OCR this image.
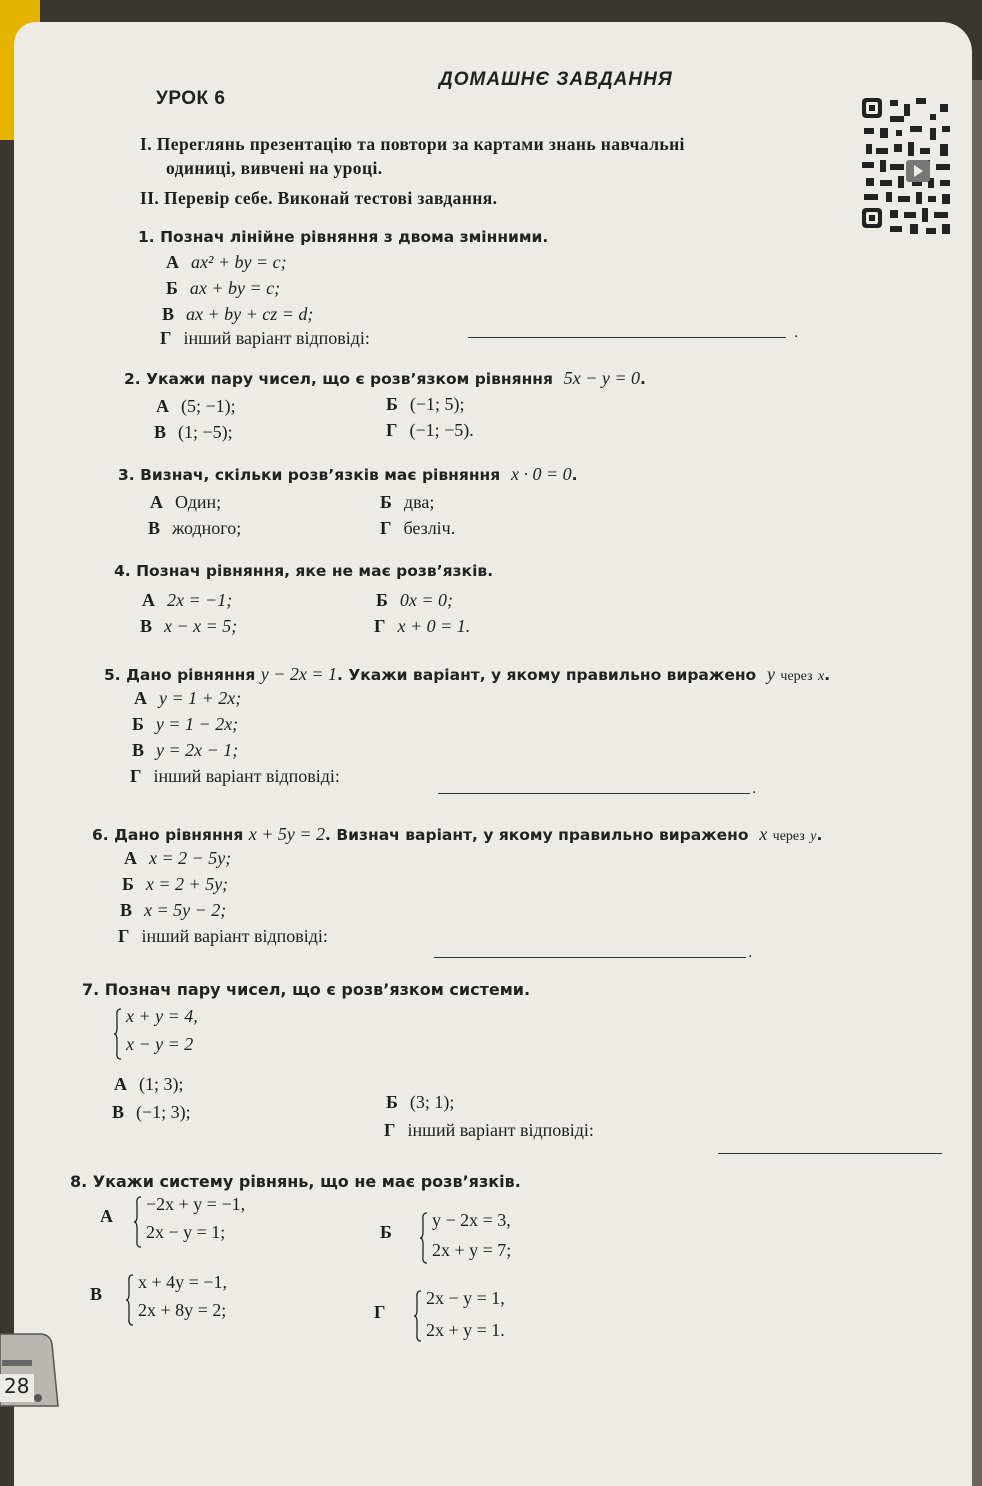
УРОК 6
ДОМАШНЄ ЗАВДАННЯ
І. Переглянь презентацію та повтори за картами знань навчальні
одиниці, вивчені на уроці.
ІІ. Перевір себе. Виконай тестові завдання.
1. Познач лінійне рівняння з двома змінними.
А ax² + by = c;
Б ax + by = c;
В ax + by + cz = d;
Г інший варіант відповіді:	.
2. Укажи пару чисел, що є розв’язком рівняння 5x − y = 0.
А (5; −1);	Б (−1; 5);
В (1; −5);	Г (−1; −5).
3. Визнач, скільки розв’язків має рівняння x · 0 = 0.
А Один;	Б два;
В жодного;	Г безліч.
4. Познач рівняння, яке не має розв’язків.
А 2x = −1;	Б 0x = 0;
В x − x = 5;	Г x + 0 = 1.
5. Дано рівняння y − 2x = 1. Укажи варіант, у якому правильно виражено y через x.
А y = 1 + 2x;
Б y = 1 − 2x;
В y = 2x − 1;
Г інший варіант відповіді:
.
6. Дано рівняння x + 5y = 2. Визнач варіант, у якому правильно виражено x через y.
А x = 2 − 5y;
Б x = 2 + 5y;
В x = 5y − 2;
Г інший варіант відповіді:
.
7. Познач пару чисел, що є розв’язком системи.
x + y = 4,
x − y = 2
А (1; 3);
Б (3; 1);
В (−1; 3);
Г інший варіант відповіді:
8. Укажи систему рівнянь, що не має розв’язків.
А
−2x + y = −1,
2x − y = 1;	Б
y − 2x = 3,
2x + y = 7;
В
x + 4y = −1,
2x + 8y = 2;	Г
2x − y = 1,
2x + y = 1.
28
